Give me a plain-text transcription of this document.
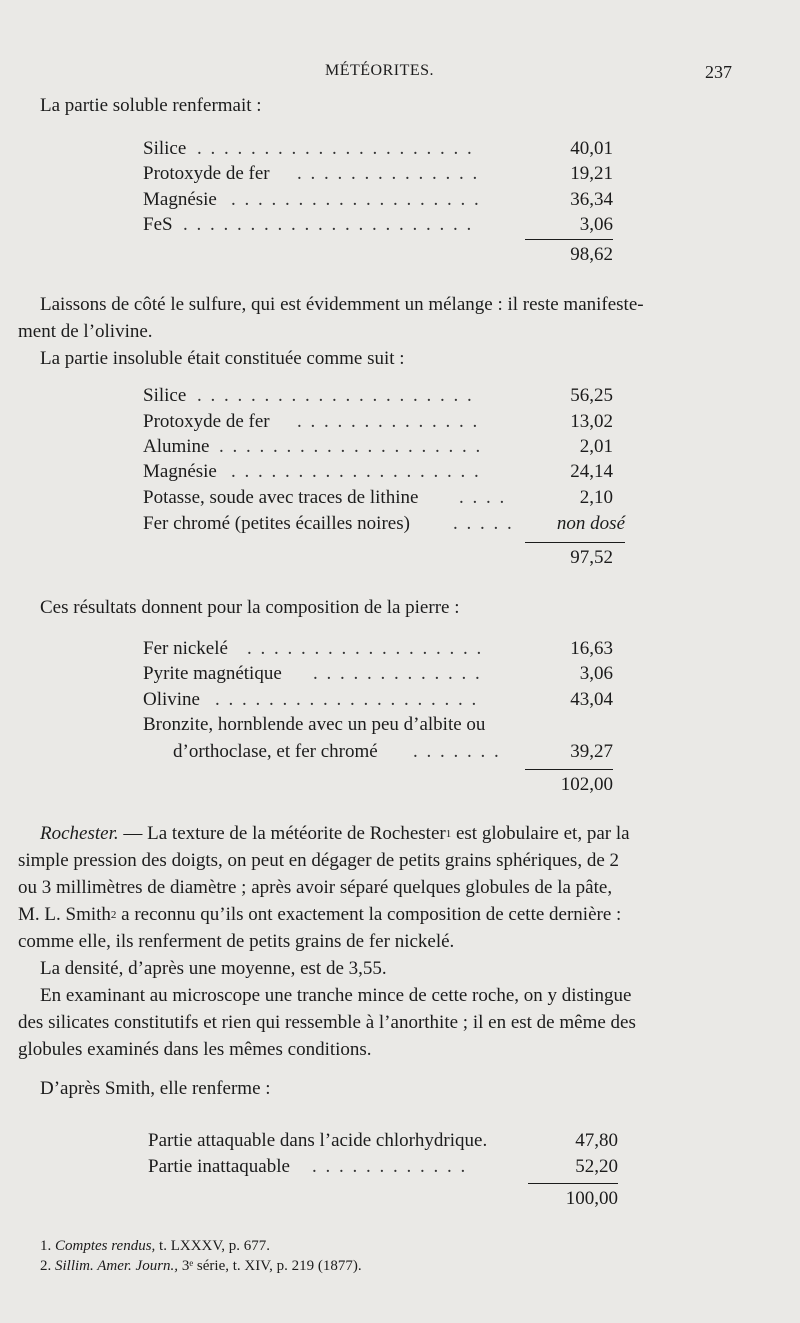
MÉTÉORITES.	237
La partie soluble renfermait :
Silice . . . . . . . . . . . . . . . . . . . . .	40,01
Protoxyde de fer . . . . . . . . . . . . . .	19,21
Magnésie . . . . . . . . . . . . . . . . . . .	36,34
FeS . . . . . . . . . . . . . . . . . . . . . .	3,06
98,62
Laissons de côté le sulfure, qui est évidemment un mélange : il reste manifeste-
ment de l’olivine.
La partie insoluble était constituée comme suit :
Silice . . . . . . . . . . . . . . . . . . . . .	56,25
Protoxyde de fer . . . . . . . . . . . . . .	13,02
Alumine . . . . . . . . . . . . . . . . . . . .	2,01
Magnésie . . . . . . . . . . . . . . . . . . .	24,14
Potasse, soude avec traces de lithine . . . .	2,10
Fer chromé (petites écailles noires) . . . . . non dosé
97,52
Ces résultats donnent pour la composition de la pierre :
Fer nickelé . . . . . . . . . . . . . . . . . .	16,63
Pyrite magnétique . . . . . . . . . . . . .	3,06
Olivine . . . . . . . . . . . . . . . . . . . .	43,04
Bronzite, hornblende avec un peu d’albite ou
d’orthoclase, et fer chromé . . . . . . .	39,27
102,00
Rochester. — La texture de la météorite de Rochester$^1$ est globulaire et, par la
simple pression des doigts, on peut en dégager de petits grains sphériques, de 2
ou 3 millimètres de diamètre ; après avoir séparé quelques globules de la pâte,
M. L. Smith$^2$ a reconnu qu’ils ont exactement la composition de cette dernière :
comme elle, ils renferment de petits grains de fer nickelé.
La densité, d’après une moyenne, est de 3,55.
En examinant au microscope une tranche mince de cette roche, on y distingue
des silicates constitutifs et rien qui ressemble à l’anorthite ; il en est de même des
globules examinés dans les mêmes conditions.
D’après Smith, elle renferme :
Partie attaquable dans l’acide chlorhydrique.	47,80
Partie inattaquable . . . . . . . . . . . .	52,20
100,00
1. Comptes rendus, t. LXXXV, p. 677.
2. Sillim. Amer. Journ., 3ᵉ série, t. XIV, p. 219 (1877).
